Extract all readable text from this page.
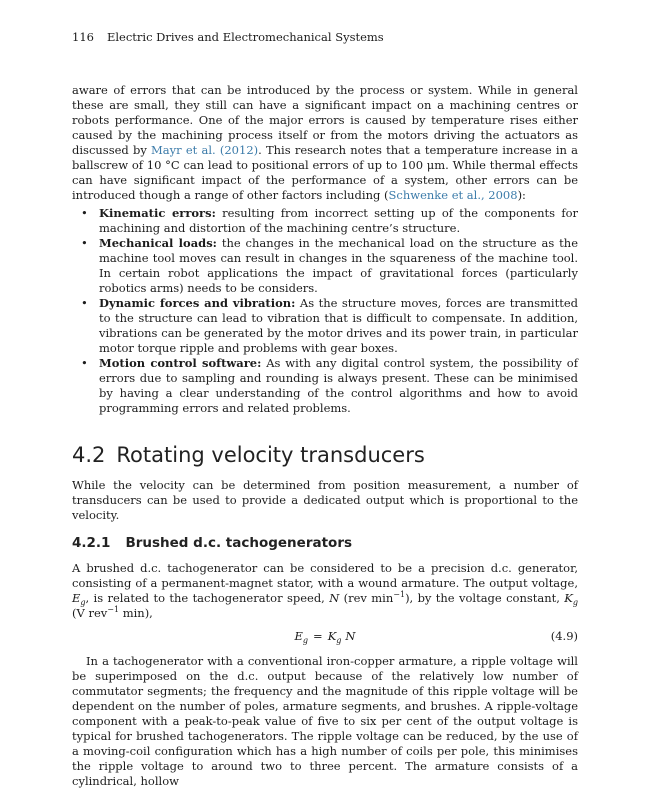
116 Electric Drives and Electromechanical Systems

aware of errors that can be introduced by the process or system. While in general these are small, they still can have a significant impact on a machining centres or robots performance. One of the major errors is caused by temperature rises either caused by the machining process itself or from the motors driving the actuators as discussed by Mayr et al. (2012). This research notes that a temperature increase in a ballscrew of 10 °C can lead to positional errors of up to 100 μm. While thermal effects can have significant impact of the performance of a system, other errors can be introduced though a range of other factors including (Schwenke et al., 2008):

• Kinematic errors: resulting from incorrect setting up of the components for machining and distortion of the machining centre’s structure.
• Mechanical loads: the changes in the mechanical load on the structure as the machine tool moves can result in changes in the squareness of the machine tool. In certain robot applications the impact of gravitational forces (particularly robotics arms) needs to be considers.
• Dynamic forces and vibration: As the structure moves, forces are transmitted to the structure can lead to vibration that is difficult to compensate. In addition, vibrations can be generated by the motor drives and its power train, in particular motor torque ripple and problems with gear boxes.
• Motion control software: As with any digital control system, the possibility of errors due to sampling and rounding is always present. These can be minimised by having a clear understanding of the control algorithms and how to avoid programming errors and related problems.
4.2 Rotating velocity transducers

While the velocity can be determined from position measurement, a number of transducers can be used to provide a dedicated output which is proportional to the velocity.

4.2.1 Brushed d.c. tachogenerators

A brushed d.c. tachogenerator can be considered to be a precision d.c. generator, consisting of a permanent-magnet stator, with a wound armature. The output voltage, $E_g$, is related to the tachogenerator speed, N (rev $\min^{-1}$), by the voltage constant, $K_g$ (V rev$^{-1}$ min),

$E_g = K_g$ N	(4.9)

In a tachogenerator with a conventional iron-copper armature, a ripple voltage will be superimposed on the d.c. output because of the relatively low number of commutator segments; the frequency and the magnitude of this ripple voltage will be dependent on the number of poles, armature segments, and brushes. A ripple-voltage component with a peak-to-peak value of five to six per cent of the output voltage is typical for brushed tachogenerators. The ripple voltage can be reduced, by the use of a moving-coil configuration which has a high number of coils per pole, this minimises the ripple voltage to around two to three percent. The armature consists of a cylindrical, hollow
